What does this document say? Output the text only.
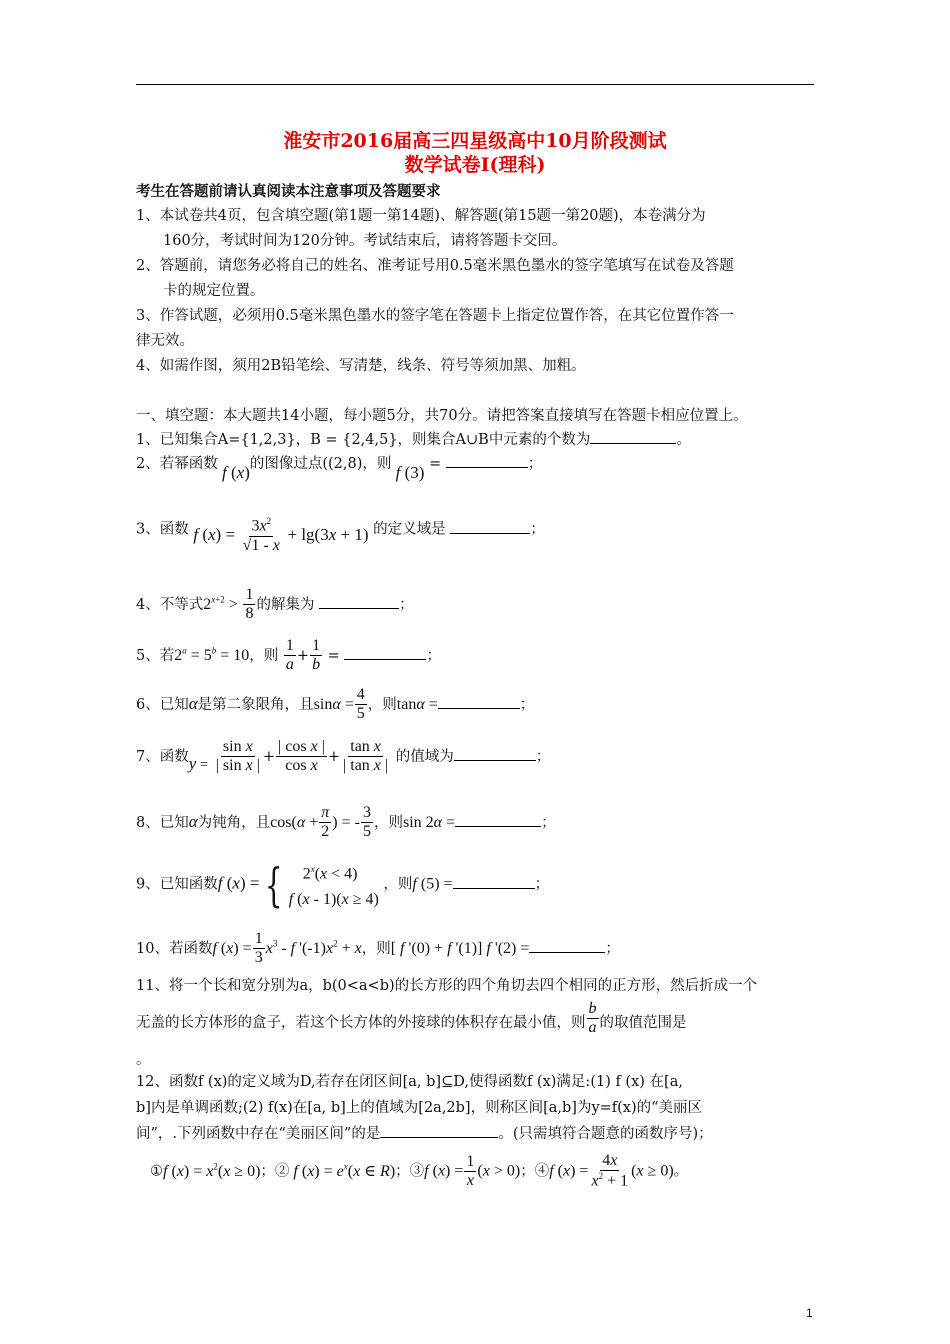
淮安市2016届高三四星级高中10月阶段测试
数学试卷Ⅰ(理科)
考生在答题前请认真阅读本注意事项及答题要求
1、本试卷共4页，包含填空题(第1题一第14题)、解答题(第15题一第20题)，本卷满分为
160分，考试时间为120分钟。考试结束后，请将答题卡交回。
2、答题前，请您务必将自己的姓名、准考证号用0.5毫米黑色墨水的签字笔填写在试卷及答题
卡的规定位置。
3、作答试题，必须用0.5毫米黑色墨水的签字笔在答题卡上指定位置作答，在其它位置作答一
律无效。
4、如需作图，须用2B铅笔绘、写清楚，线条、符号等须加黑、加粗。
一、填空题：本大题共14小题，每小题5分，共70分。请把答案直接填写在答题卡相应位置上。
1、已知集合A={1,2,3}，B = {2,4,5}，则集合A∪B中元素的个数为	。
2、若幂函数 f (x)的图像过点((2,8)，则 f (3) =	；
3、函数 f $(x) = \frac{3x^2}{√1 - x} + \lg(3x + 1)$ 的定义域是	；
4、不等式$2^{x+2} > \frac{1}{8}$ 的解集为	；
5、若$2^a = 5^b = 10$，则 $\frac{1}{a} + \frac{1}{b}$ =	；
6、已知α是第二象限角，且$\sin\alpha = \frac{4}{5}$ ，则tanα =	；
7、函数$y = \frac{\text{sin x}}{\text{| sin x |}} + \frac{\text{| cos x |}}{\text{cos x}} + \frac{\text{tan x}}{\text{| tan x |}}$ 的值域为	；
8、已知α为钝角，且$\cos(\alpha + \frac{\pi}{2}$ ) = - $\frac{3}{5}$ ，则sin 2α =	；
9、已知函数f (x) = {	$2^x(x < 4)$
f (x - 1)(x ≥ 4)
，则f (5) =	；
10、若函数f $(x) = \frac{1}{3} x^3 - f$ '$(-1)x^2 + x$，则[ f '(0) + f '(1)] f '(2) =	；
11、将一个长和宽分别为a，b(0<a<b)的长方形的四个角切去四个相同的正方形，然后折成一个
无盖的长方体形的盒子，若这个长方体的外接球的体积存在最小值，则 $\frac{b}{a}$ 的取值范围是
。
12、函数f (x)的定义域为D,若存在闭区间[a, b]⊆D,使得函数f (x)满足:(1) f (x) 在[a,
b]内是单调函数;(2) f(x)在[a, b]上的值域为[2a,2b]，则称区间[a,b]为y=f(x)的“美丽区
间”，.下列函数中存在“美丽区间”的是	。(只需填符合题意的函数序号)；
①f $(x) = x^2(x \ge 0)$；② f $(x) = e^x(x$ ∈ R)；③f $(x) = \frac{1}{x} (x > 0)$；④f $(x) = \frac{4x}{x^2 + 1} (x \ge 0)$。
1
